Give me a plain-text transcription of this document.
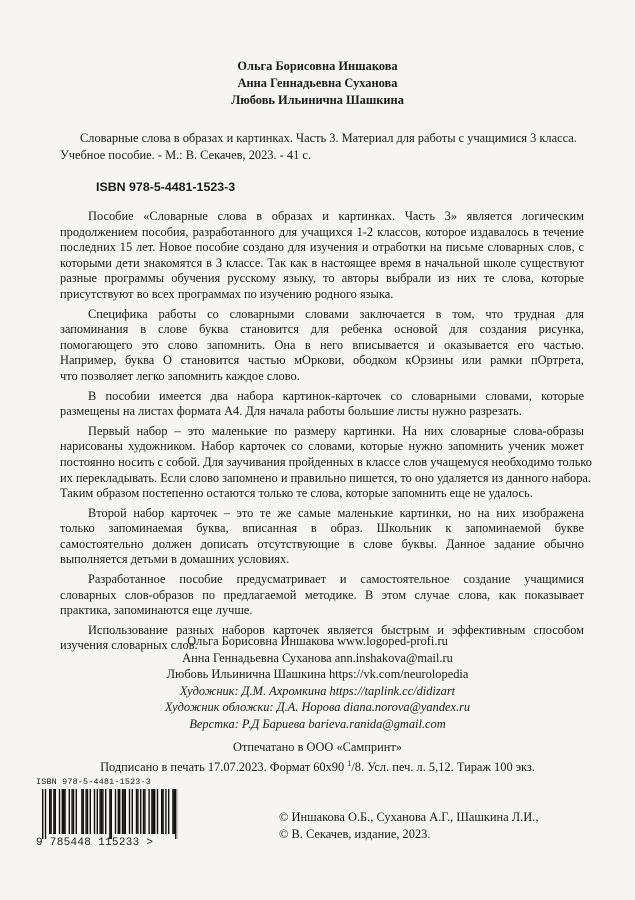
Ольга Борисовна Иншакова
Анна Геннадьевна Суханова
Любовь Ильинична Шашкина
Словарные слова в образах и картинках. Часть 3. Материал для работы с учащимися 3 класса.
Учебное пособие. - М.: В. Секачев, 2023. - 41 с.
ISBN 978-5-4481-1523-3
Пособие «Словарные слова в образах и картинках. Часть 3» является логическим
продолжением пособия, разработанного для учащихся 1-2 классов, которое издавалось в течение
последних 15 лет. Новое пособие создано для изучения и отработки на письме словарных слов, с
которыми дети знакомятся в 3 классе. Так как в настоящее время в начальной школе существуют
разные программы обучения русскому языку, то авторы выбрали из них те слова, которые
присутствуют во всех программах по изучению родного языка.
Специфика работы со словарными словами заключается в том, что трудная для
запоминания в слове буква становится для ребенка основой для создания рисунка,
помогающего это слово запомнить. Она в него вписывается и оказывается его частью.
Например, буква О становится частью мОркови, ободком кОрзины или рамки пОртрета,
что позволяет легко запомнить каждое слово.
В пособии имеется два набора картинок-карточек со словарными словами, которые
размещены на листах формата А4. Для начала работы большие листы нужно разрезать.
Первый набор – это маленькие по размеру картинки. На них словарные слова-образы
нарисованы художником. Набор карточек со словами, которые нужно запомнить ученик может
постоянно носить с собой. Для заучивания пройденных в классе слов учащемуся необходимо только
их перекладывать. Если слово запомнено и правильно пишется, то оно удаляется из данного набора.
Таким образом постепенно остаются только те слова, которые запомнить еще не удалось.
Второй набор карточек – это те же самые маленькие картинки, но на них изображена
только запоминаемая буква, вписанная в образ. Школьник к запоминаемой букве
самостоятельно должен дописать отсутствующие в слове буквы. Данное задание обычно
выполняется детьми в домашних условиях.
Разработанное пособие предусматривает и самостоятельное создание учащимися
словарных слов-образов по предлагаемой методике. В этом случае слова, как показывает
практика, запоминаются еще лучше.
Использование разных наборов карточек является быстрым и эффективным способом
изучения словарных слов.
Ольга Борисовна Иншакова www.logoped-profi.ru
Анна Геннадьевна Суханова ann.inshakova@mail.ru
Любовь Ильинична Шашкина https://vk.com/neurolopedia
Художник: Д.М. Ахромкина https://taplink.cc/didizart
Художник обложки: Д.А. Норова diana.norova@yandex.ru
Верстка: Р.Д Бариева barieva.ranida@gmail.com
Отпечатано в ООО «Сампринт»
Подписано в печать 17.07.2023. Формат 60x90 $^1$/8. Усл. печ. л. 5,12. Тираж 100 экз.
ISBN 978-5-4481-1523-3
9 785448 115233 >
© Иншакова О.Б., Суханова А.Г., Шашкина Л.И.,
© В. Секачев, издание, 2023.
